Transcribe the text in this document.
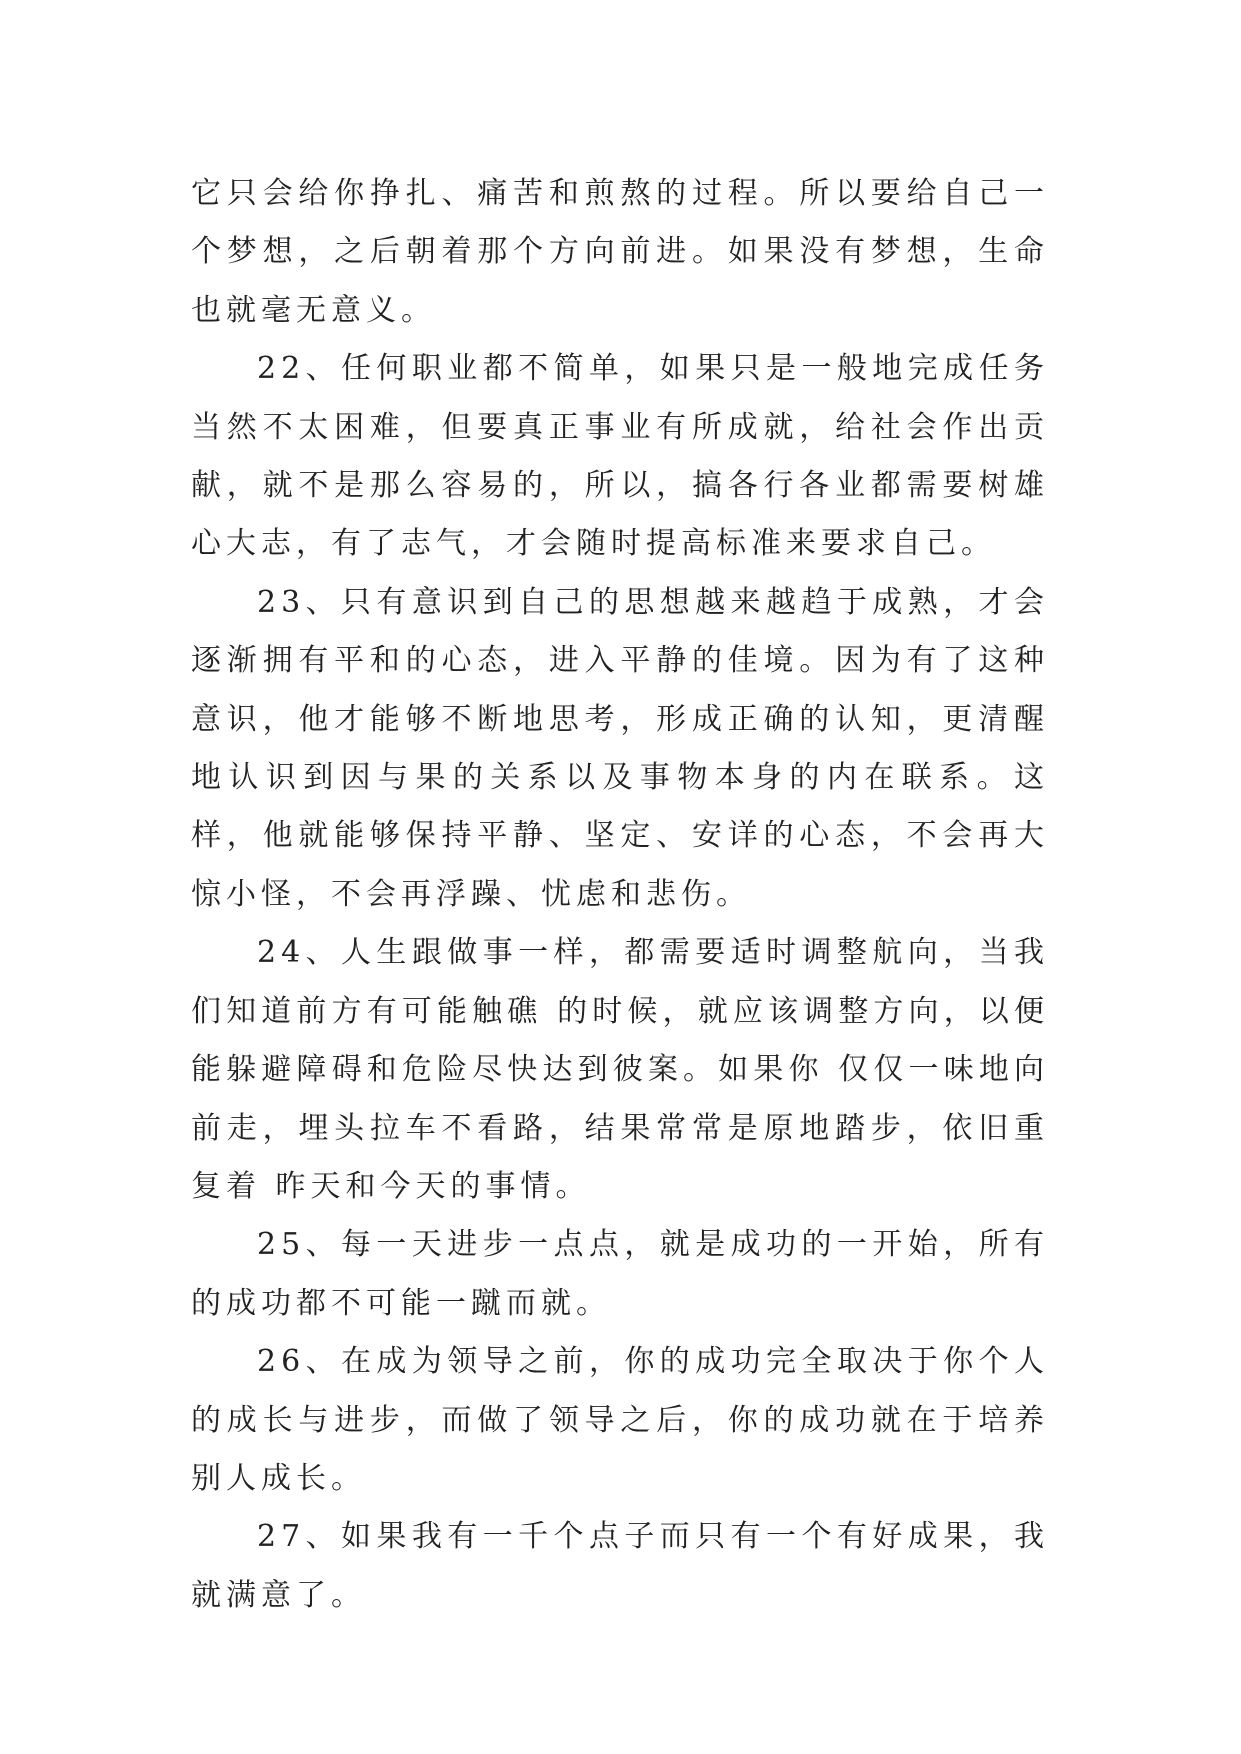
它只会给你挣扎、痛苦和煎熬的过程。所以要给自己一个梦想，之后朝着那个方向前进。如果没有梦想，生命也就毫无意义。

22、任何职业都不简单，如果只是一般地完成任务当然不太困难，但要真正事业有所成就，给社会作出贡献，就不是那么容易的，所以，搞各行各业都需要树雄心大志，有了志气，才会随时提高标准来要求自己。

23、只有意识到自己的思想越来越趋于成熟，才会逐渐拥有平和的心态，进入平静的佳境。因为有了这种意识，他才能够不断地思考，形成正确的认知，更清醒地认识到因与果的关系以及事物本身的内在联系。这样，他就能够保持平静、坚定、安详的心态，不会再大惊小怪，不会再浮躁、忧虑和悲伤。

24、人生跟做事一样，都需要适时调整航向，当我们知道前方有可能触礁 的时候，就应该调整方向，以便能躲避障碍和危险尽快达到彼案。如果你 仅仅一味地向前走，埋头拉车不看路，结果常常是原地踏步，依旧重复着 昨天和今天的事情。

25、每一天进步一点点，就是成功的一开始，所有的成功都不可能一蹴而就。

26、在成为领导之前，你的成功完全取决于你个人的成长与进步，而做了领导之后，你的成功就在于培养别人成长。

27、如果我有一千个点子而只有一个有好成果，我就满意了。
